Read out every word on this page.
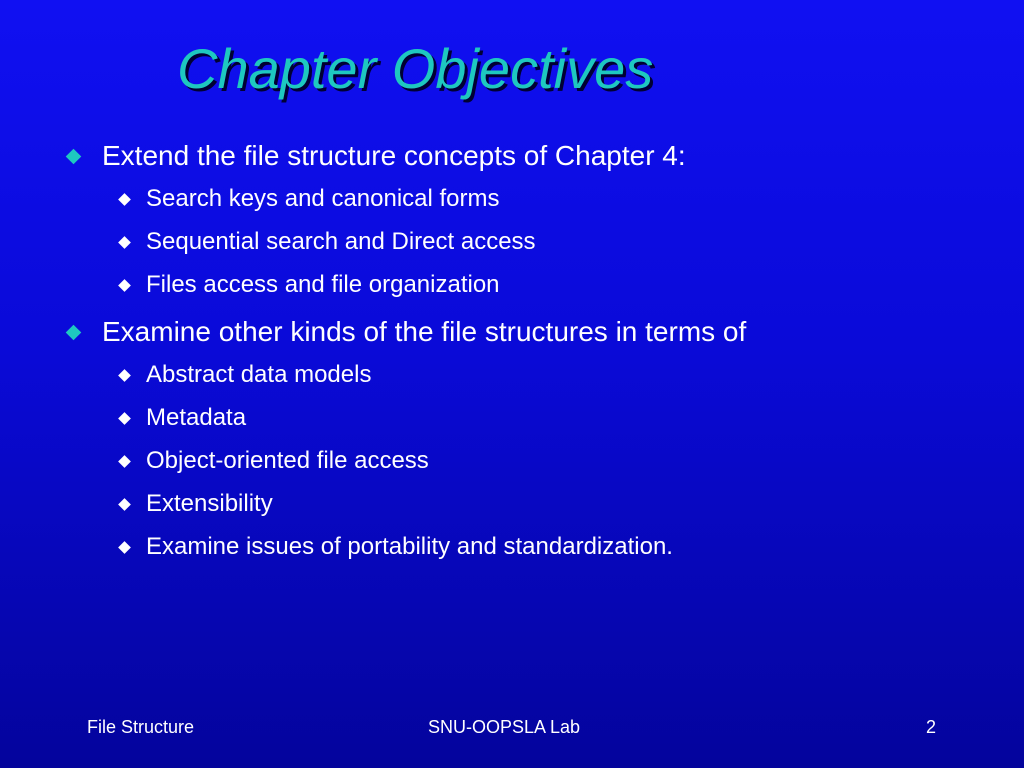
Chapter Objectives
Extend the file structure concepts of Chapter 4:
Search keys and canonical forms
Sequential search and Direct access
Files access and file organization
Examine other kinds of the file structures in terms of
Abstract data models
Metadata
Object-oriented file access
Extensibility
Examine issues of portability and standardization.
File Structure	SNU-OOPSLA Lab	2
